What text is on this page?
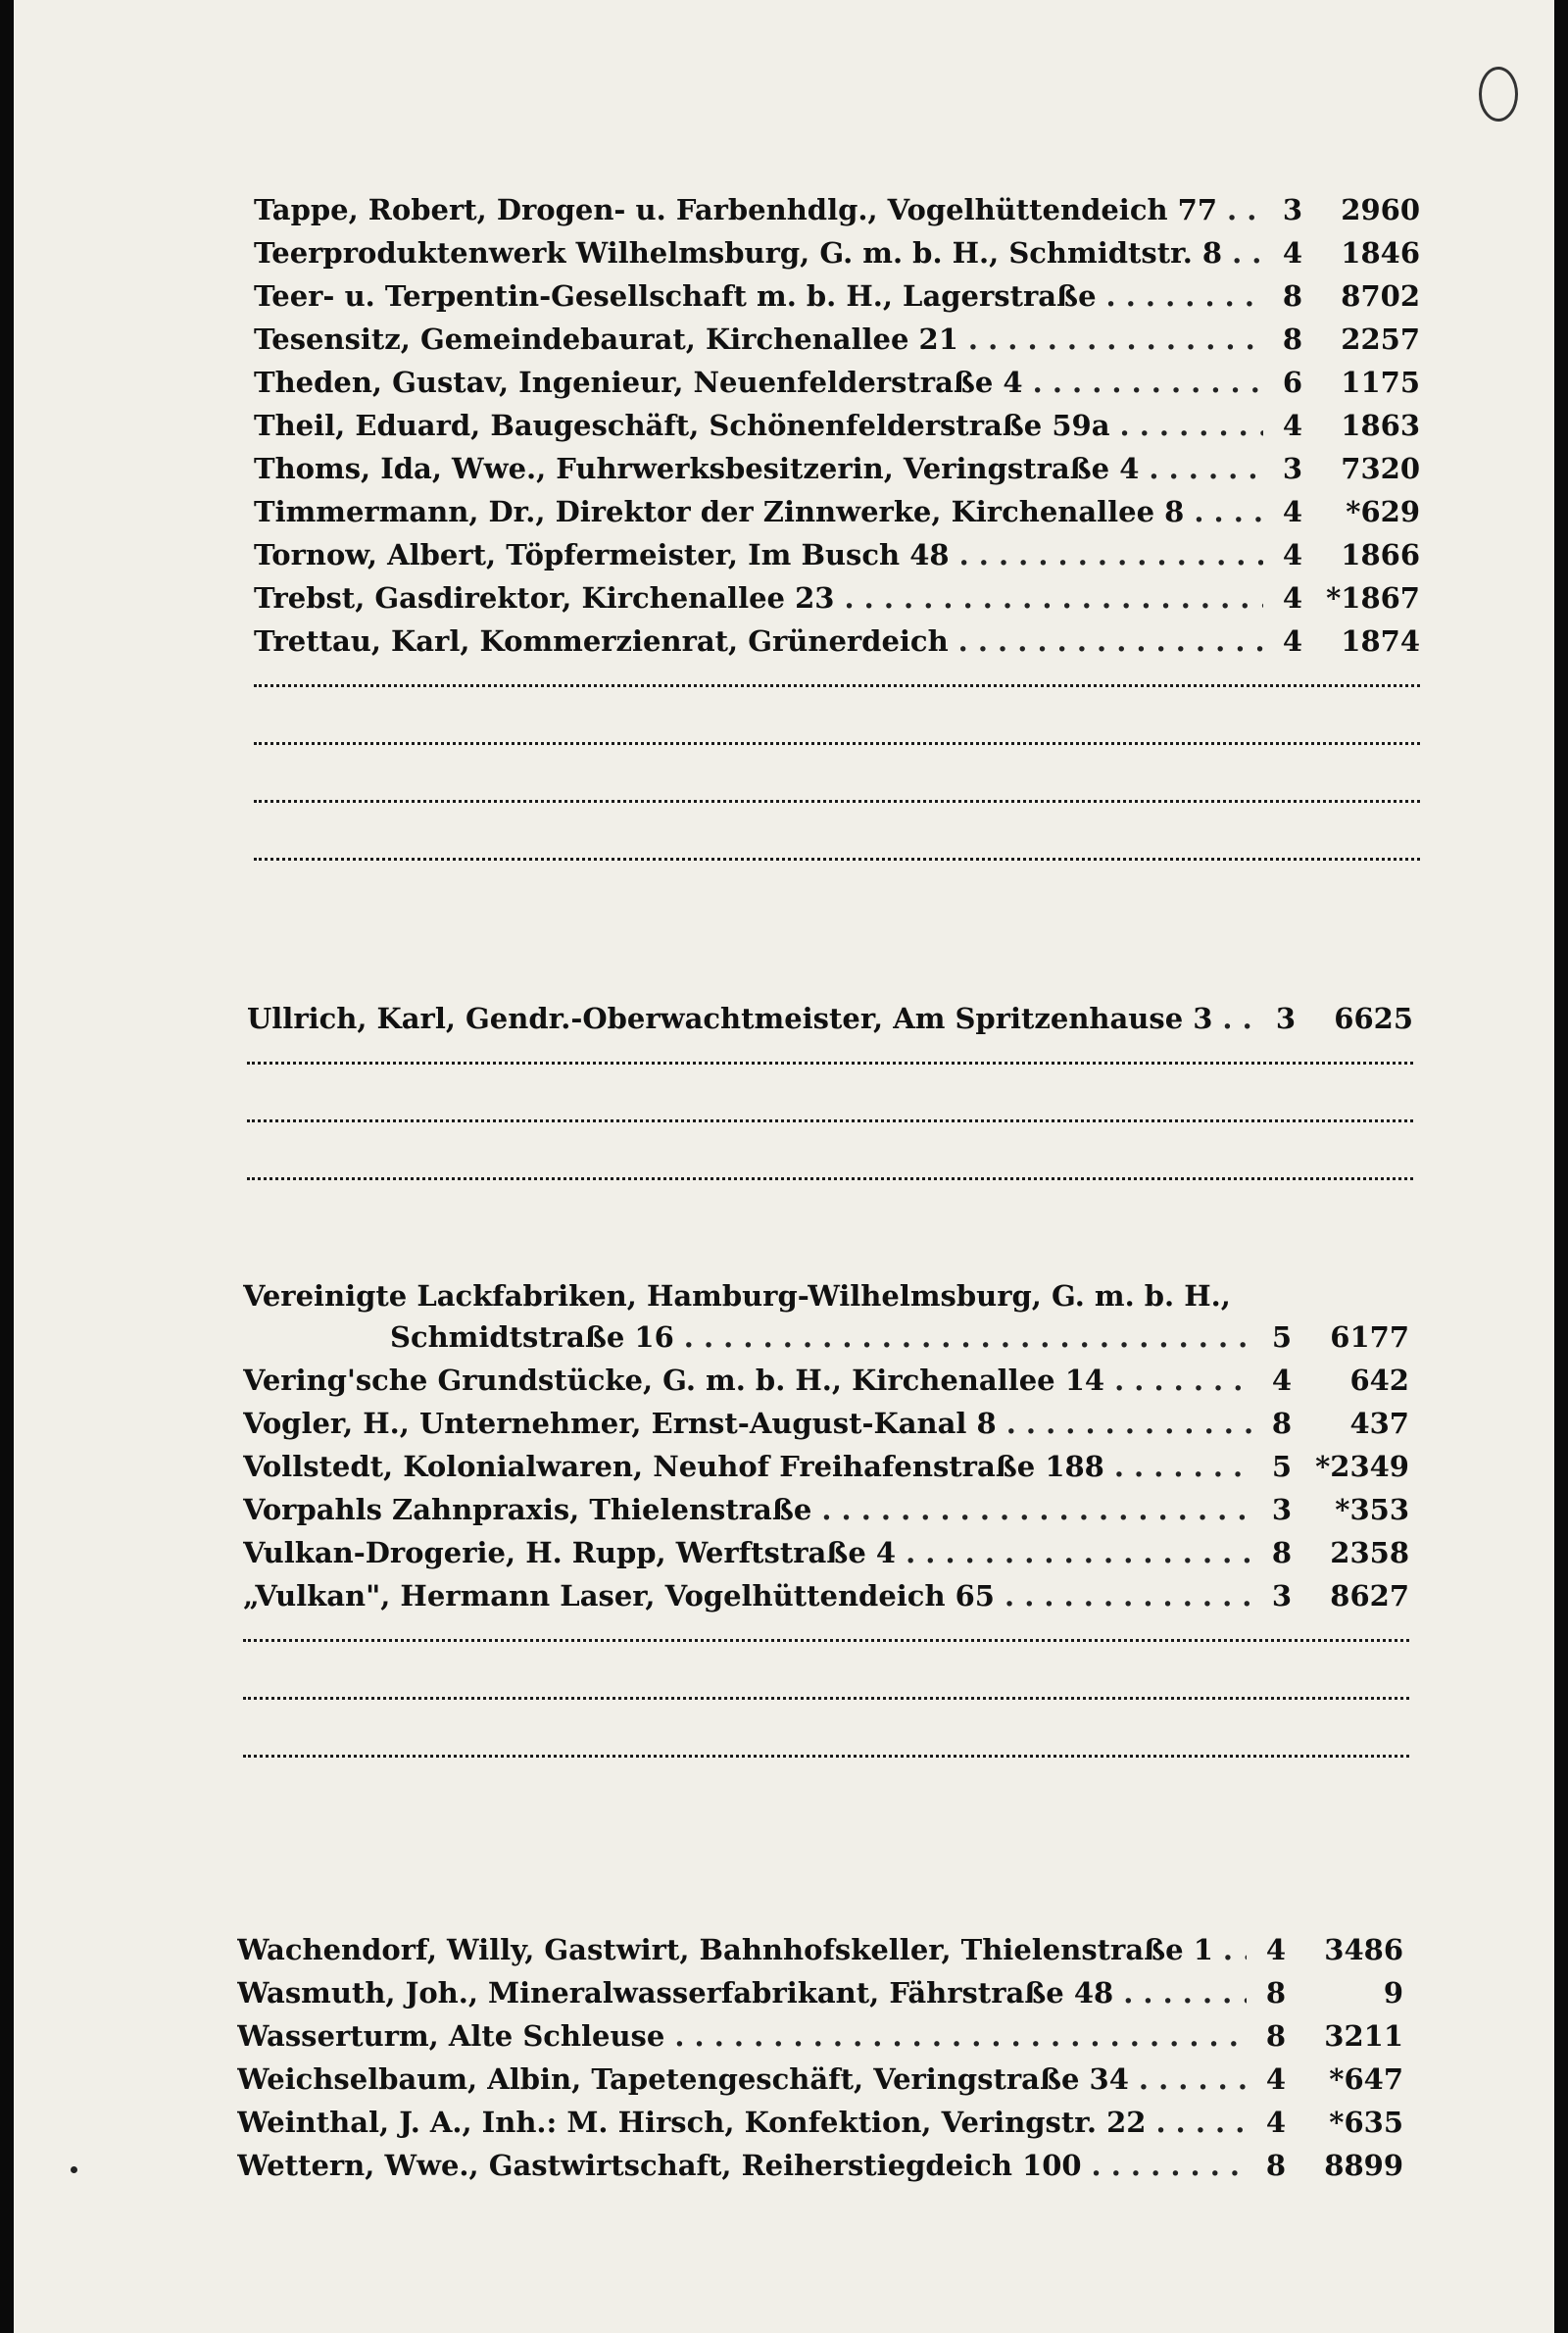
Tappe, Robert, Drogen- u. Farbenhdlg., Vogelhüttendeich 77 . . .	3	2960
Teerproduktenwerk Wilhelmsburg, G. m. b. H., Schmidtstr. 8 . . .	4	1846
Teer- u. Terpentin-Gesellschaft m. b. H., Lagerstraße . . .	8	8702
Tesensitz, Gemeindebaurat, Kirchenallee 21 . . .	8	2257
Theden, Gustav, Ingenieur, Neuenfelderstraße 4 . . .	6	1175
Theil, Eduard, Baugeschäft, Schönenfelderstraße 59a . . .	4	1863
Thoms, Ida, Wwe., Fuhrwerksbesitzerin, Veringstraße 4 . . .	3	7320
Timmermann, Dr., Direktor der Zinnwerke, Kirchenallee 8 . . .	4	*629
Tornow, Albert, Töpfermeister, Im Busch 48 . . .	4	1866
Trebst, Gasdirektor, Kirchenallee 23 . . .	4 *1867
Trettau, Karl, Kommerzienrat, Grünerdeich . . .	4	1874
Ullrich, Karl, Gendr.-Oberwachtmeister, Am Spritzenhause 3 . . .	3	6625
Vereinigte Lackfabriken, Hamburg-Wilhelmsburg, G. m. b. H.,
Schmidtstraße 16 . . .	5	6177
Vering'sche Grundstücke, G. m. b. H., Kirchenallee 14 . . .	4	642
Vogler, H., Unternehmer, Ernst-August-Kanal 8 . . .	8	437
Vollstedt, Kolonialwaren, Neuhof Freihafenstraße 188 . . .	5 *2349
Vorpahls Zahnpraxis, Thielenstraße . . .	3	*353
Vulkan-Drogerie, H. Rupp, Werftstraße 4 . . .	8	2358
„Vulkan", Hermann Laser, Vogelhüttendeich 65 . . .	3	8627
Wachendorf, Willy, Gastwirt, Bahnhofskeller, Thielenstraße 1 . . .	4	3486
Wasmuth, Joh., Mineralwasserfabrikant, Fährstraße 48 . . .	8	9
Wasserturm, Alte Schleuse . . .	8	3211
Weichselbaum, Albin, Tapetengeschäft, Veringstraße 34 . . .	4	*647
Weinthal, J. A., Inh.: M. Hirsch, Konfektion, Veringstr. 22 . . .	4	*635
Wettern, Wwe., Gastwirtschaft, Reiherstiegdeich 100 . . .	8	8899
